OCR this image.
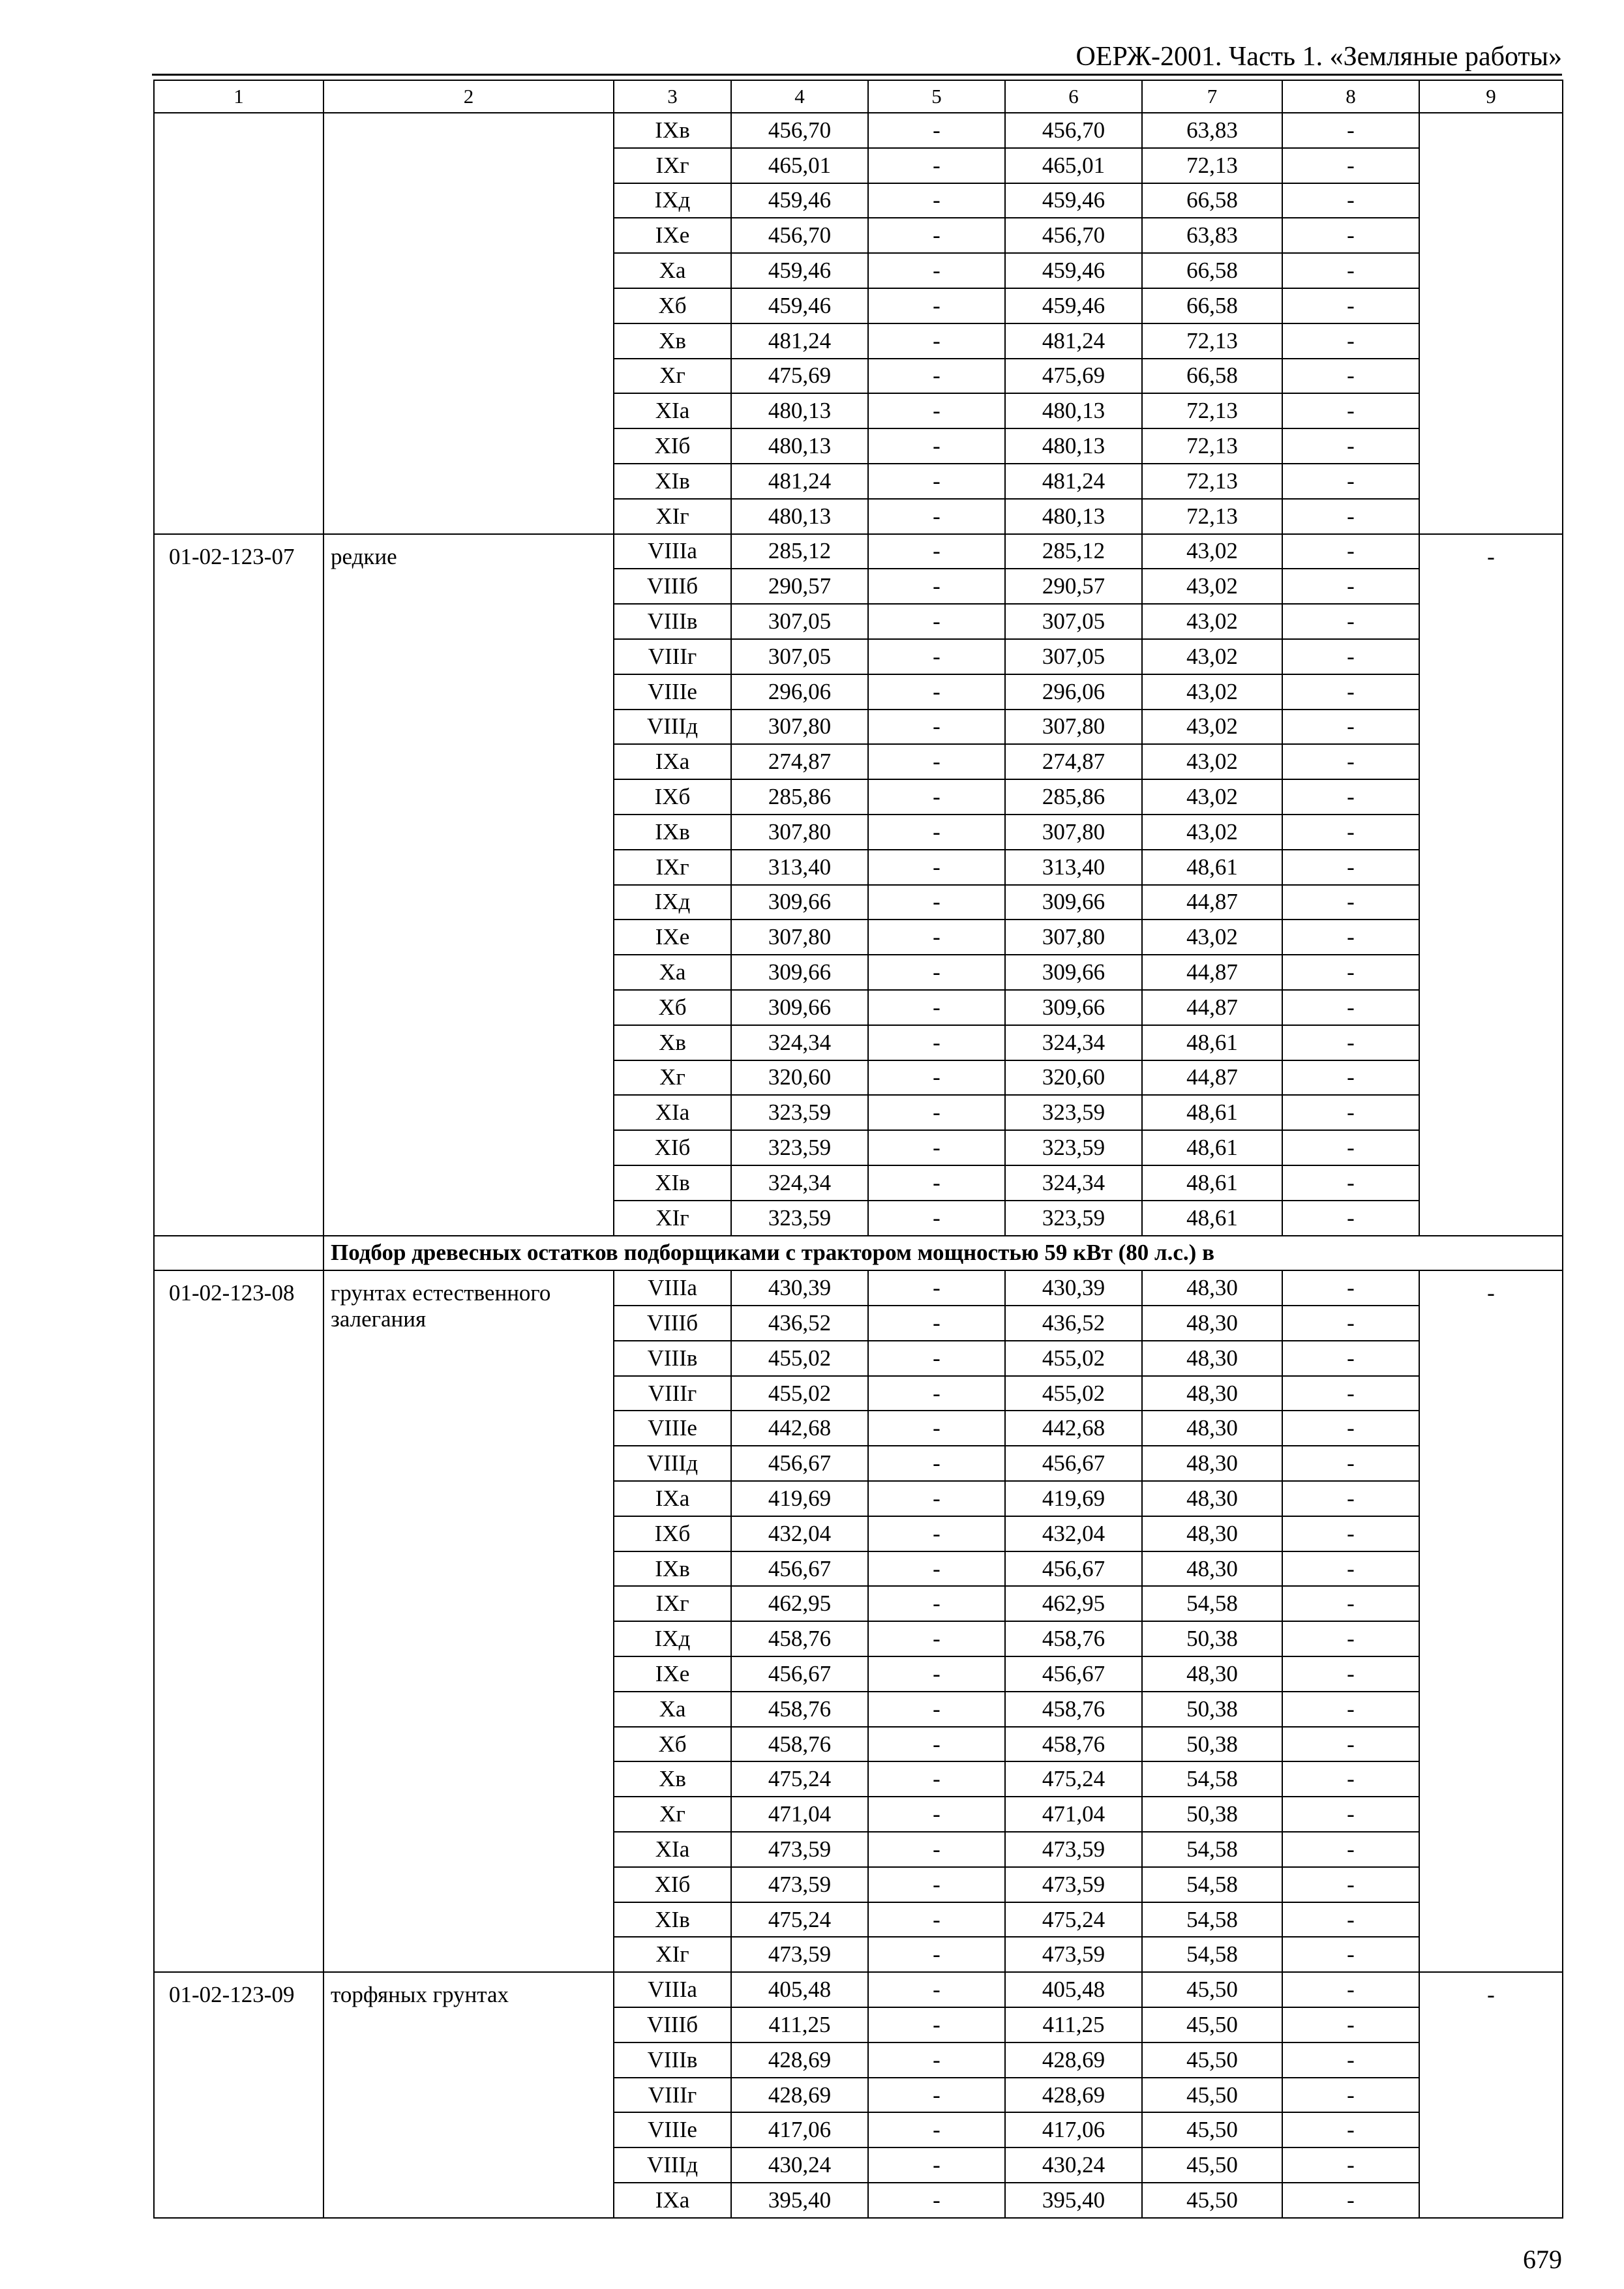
ОЕРЖ-2001. Часть 1. «Земляные работы»
1	2	3	4	5	6	7	8	9
		IXв	456,70	-	456,70	63,83	-	
		IXг	465,01	-	465,01	72,13	-	
		IXд	459,46	-	459,46	66,58	-	
		IXе	456,70	-	456,70	63,83	-	
		Xа	459,46	-	459,46	66,58	-	
		Xб	459,46	-	459,46	66,58	-	
		Xв	481,24	-	481,24	72,13	-	
		Xг	475,69	-	475,69	66,58	-	
		XIа	480,13	-	480,13	72,13	-	
		XIб	480,13	-	480,13	72,13	-	
		XIв	481,24	-	481,24	72,13	-	
		XIг	480,13	-	480,13	72,13	-	
01-02-123-07	редкие	VIIIа	285,12	-	285,12	43,02	-	-
		VIIIб	290,57	-	290,57	43,02	-	
		VIIIв	307,05	-	307,05	43,02	-	
		VIIIг	307,05	-	307,05	43,02	-	
		VIIIе	296,06	-	296,06	43,02	-	
		VIIIд	307,80	-	307,80	43,02	-	
		IXа	274,87	-	274,87	43,02	-	
		IXб	285,86	-	285,86	43,02	-	
		IXв	307,80	-	307,80	43,02	-	
		IXг	313,40	-	313,40	48,61	-	
		IXд	309,66	-	309,66	44,87	-	
		IXе	307,80	-	307,80	43,02	-	
		Xа	309,66	-	309,66	44,87	-	
		Xб	309,66	-	309,66	44,87	-	
		Xв	324,34	-	324,34	48,61	-	
		Xг	320,60	-	320,60	44,87	-	
		XIа	323,59	-	323,59	48,61	-	
		XIб	323,59	-	323,59	48,61	-	
		XIв	324,34	-	324,34	48,61	-	
		XIг	323,59	-	323,59	48,61	-	
	Подбор древесных остатков подборщиками с трактором мощностью 59 кВт (80 л.с.) в							
01-02-123-08	грунтах естественного залегания	VIIIа	430,39	-	430,39	48,30	-	-
		VIIIб	436,52	-	436,52	48,30	-	
		VIIIв	455,02	-	455,02	48,30	-	
		VIIIг	455,02	-	455,02	48,30	-	
		VIIIе	442,68	-	442,68	48,30	-	
		VIIIд	456,67	-	456,67	48,30	-	
		IXа	419,69	-	419,69	48,30	-	
		IXб	432,04	-	432,04	48,30	-	
		IXв	456,67	-	456,67	48,30	-	
		IXг	462,95	-	462,95	54,58	-	
		IXд	458,76	-	458,76	50,38	-	
		IXе	456,67	-	456,67	48,30	-	
		Xа	458,76	-	458,76	50,38	-	
		Xб	458,76	-	458,76	50,38	-	
		Xв	475,24	-	475,24	54,58	-	
		Xг	471,04	-	471,04	50,38	-	
		XIа	473,59	-	473,59	54,58	-	
		XIб	473,59	-	473,59	54,58	-	
		XIв	475,24	-	475,24	54,58	-	
		XIг	473,59	-	473,59	54,58	-	
01-02-123-09	торфяных грунтах	VIIIа	405,48	-	405,48	45,50	-	-
		VIIIб	411,25	-	411,25	45,50	-	
		VIIIв	428,69	-	428,69	45,50	-	
		VIIIг	428,69	-	428,69	45,50	-	
		VIIIе	417,06	-	417,06	45,50	-	
		VIIIд	430,24	-	430,24	45,50	-	
		IXа	395,40	-	395,40	45,50	-	
679
